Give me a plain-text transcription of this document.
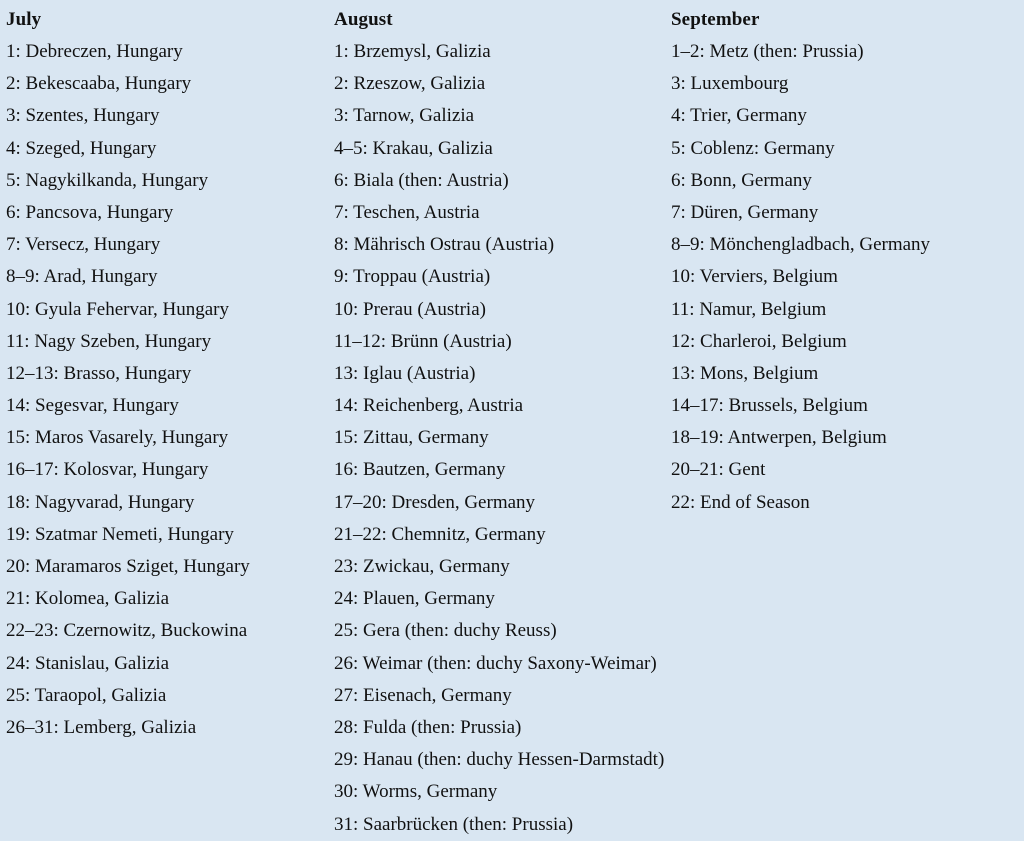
July
1: Debreczen, Hungary
2: Bekescaaba, Hungary
3: Szentes, Hungary
4: Szeged, Hungary
5: Nagykilkanda, Hungary
6: Pancsova, Hungary
7: Versecz, Hungary
8–9: Arad, Hungary
10: Gyula Fehervar, Hungary
11: Nagy Szeben, Hungary
12–13: Brasso, Hungary
14: Segesvar, Hungary
15: Maros Vasarely, Hungary
16–17: Kolosvar, Hungary
18: Nagyvarad, Hungary
19: Szatmar Nemeti, Hungary
20: Maramaros Sziget, Hungary
21: Kolomea, Galizia
22–23: Czernowitz, Buckowina
24: Stanislau, Galizia
25: Taraopol, Galizia
26–31: Lemberg, Galizia
August
1: Brzemysl, Galizia
2: Rzeszow, Galizia
3: Tarnow, Galizia
4–5: Krakau, Galizia
6: Biala (then: Austria)
7: Teschen, Austria
8: Mährisch Ostrau (Austria)
9: Troppau (Austria)
10: Prerau (Austria)
11–12: Brünn (Austria)
13: Iglau (Austria)
14: Reichenberg, Austria
15: Zittau, Germany
16: Bautzen, Germany
17–20: Dresden, Germany
21–22: Chemnitz, Germany
23: Zwickau, Germany
24: Plauen, Germany
25: Gera (then: duchy Reuss)
26: Weimar (then: duchy Saxony-Weimar)
27: Eisenach, Germany
28: Fulda (then: Prussia)
29: Hanau (then: duchy Hessen-Darmstadt)
30: Worms, Germany
31: Saarbrücken (then: Prussia)
September
1–2: Metz (then: Prussia)
3: Luxembourg
4: Trier, Germany
5: Coblenz: Germany
6: Bonn, Germany
7: Düren, Germany
8–9: Mönchengladbach, Germany
10: Verviers, Belgium
11: Namur, Belgium
12: Charleroi, Belgium
13: Mons, Belgium
14–17: Brussels, Belgium
18–19: Antwerpen, Belgium
20–21: Gent
22: End of Season
